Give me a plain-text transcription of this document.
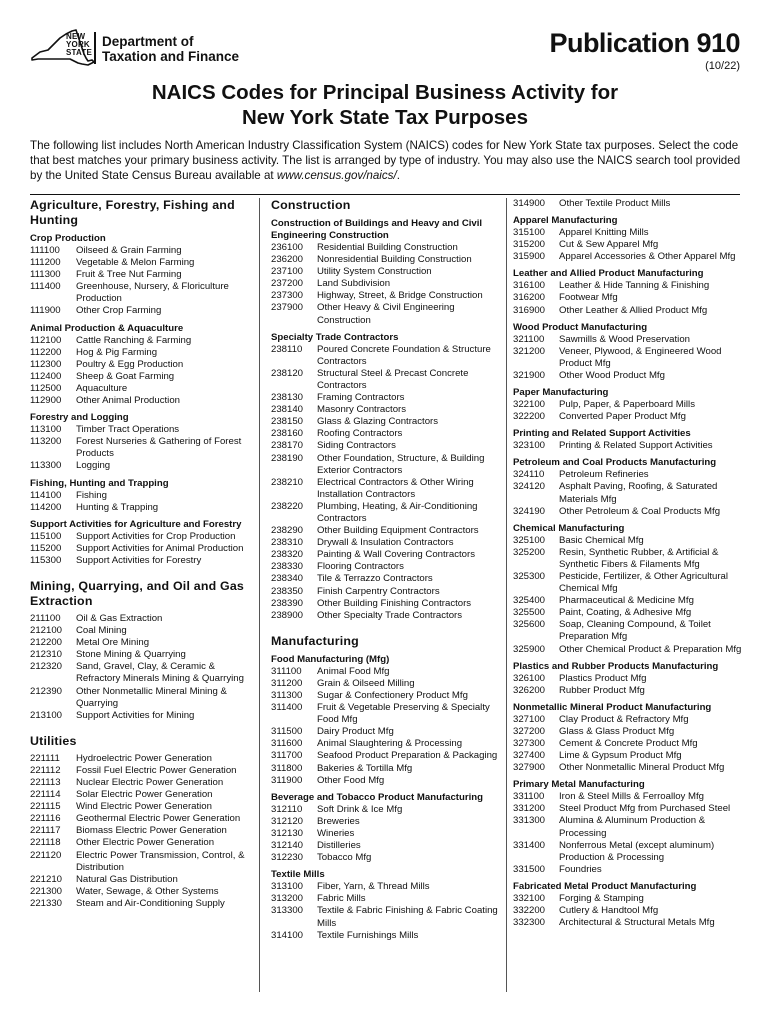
NEW
YORK
STATE
Department of
Taxation and Finance	Publication 910
(10/22)
NAICS Codes for Principal Business Activity for
New York State Tax Purposes
The following list includes North American Industry Classification System (NAICS) codes for New York State tax purposes. Select the code that best matches your primary business activity. The list is arranged by type of industry. You may also use the NAICS search tool provided by the United State Census Bureau available at www.census.gov/naics/.
Agriculture, Forestry, Fishing and Hunting
Crop Production
111100	Oilseed & Grain Farming
111200	Vegetable & Melon Farming
111300	Fruit & Tree Nut Farming
111400	Greenhouse, Nursery, & Floriculture Production
111900	Other Crop Farming
Animal Production & Aquaculture
112100	Cattle Ranching & Farming
112200	Hog & Pig Farming
112300	Poultry & Egg Production
112400	Sheep & Goat Farming
112500	Aquaculture
112900	Other Animal Production
Forestry and Logging
113100	Timber Tract Operations
113200	Forest Nurseries & Gathering of Forest Products
113300	Logging
Fishing, Hunting and Trapping
114100	Fishing
114200	Hunting & Trapping
Support Activities for Agriculture and Forestry
115100	Support Activities for Crop Production
115200	Support Activities for Animal Production
115300	Support Activities for Forestry
Mining, Quarrying, and Oil and Gas Extraction
211100	Oil & Gas Extraction
212100	Coal Mining
212200	Metal Ore Mining
212310	Stone Mining & Quarrying
212320	Sand, Gravel, Clay, & Ceramic & Refractory Minerals Mining & Quarrying
212390	Other Nonmetallic Mineral Mining & Quarrying
213100	Support Activities for Mining
Utilities
221111	Hydroelectric Power Generation
221112	Fossil Fuel Electric Power Generation
221113	Nuclear Electric Power Generation
221114	Solar Electric Power Generation
221115	Wind Electric Power Generation
221116	Geothermal Electric Power Generation
221117	Biomass Electric Power Generation
221118	Other Electric Power Generation
221120	Electric Power Transmission, Control, & Distribution
221210	Natural Gas Distribution
221300	Water, Sewage, & Other Systems
221330	Steam and Air-Conditioning Supply
Construction
Construction of Buildings and Heavy and Civil Engineering Construction
236100	Residential Building Construction
236200	Nonresidential Building Construction
237100	Utility System Construction
237200	Land Subdivision
237300	Highway, Street, & Bridge Construction
237900	Other Heavy & Civil Engineering Construction
Specialty Trade Contractors
238110	Poured Concrete Foundation & Structure Contractors
238120	Structural Steel & Precast Concrete Contractors
238130	Framing Contractors
238140	Masonry Contractors
238150	Glass & Glazing Contractors
238160	Roofing Contractors
238170	Siding Contractors
238190	Other Foundation, Structure, & Building Exterior Contractors
238210	Electrical Contractors & Other Wiring Installation Contractors
238220	Plumbing, Heating, & Air-Conditioning Contractors
238290	Other Building Equipment Contractors
238310	Drywall & Insulation Contractors
238320	Painting & Wall Covering Contractors
238330	Flooring Contractors
238340	Tile & Terrazzo Contractors
238350	Finish Carpentry Contractors
238390	Other Building Finishing Contractors
238900	Other Specialty Trade Contractors
Manufacturing
Food Manufacturing (Mfg)
311100	Animal Food Mfg
311200	Grain & Oilseed Milling
311300	Sugar & Confectionery Product Mfg
311400	Fruit & Vegetable Preserving & Specialty Food Mfg
311500	Dairy Product Mfg
311600	Animal Slaughtering & Processing
311700	Seafood Product Preparation & Packaging
311800	Bakeries & Tortilla Mfg
311900	Other Food Mfg
Beverage and Tobacco Product Manufacturing
312110	Soft Drink & Ice Mfg
312120	Breweries
312130	Wineries
312140	Distilleries
312230	Tobacco Mfg
Textile Mills
313100	Fiber, Yarn, & Thread Mills
313200	Fabric Mills
313300	Textile & Fabric Finishing & Fabric Coating Mills
314100	Textile Furnishings Mills
314900	Other Textile Product Mills
Apparel Manufacturing
315100	Apparel Knitting Mills
315200	Cut & Sew Apparel Mfg
315900	Apparel Accessories & Other Apparel Mfg
Leather and Allied Product Manufacturing
316100	Leather & Hide Tanning & Finishing
316200	Footwear Mfg
316900	Other Leather & Allied Product Mfg
Wood Product Manufacturing
321100	Sawmills & Wood Preservation
321200	Veneer, Plywood, & Engineered Wood Product Mfg
321900	Other Wood Product Mfg
Paper Manufacturing
322100	Pulp, Paper, & Paperboard Mills
322200	Converted Paper Product Mfg
Printing and Related Support Activities
323100	Printing & Related Support Activities
Petroleum and Coal Products Manufacturing
324110	Petroleum Refineries
324120	Asphalt Paving, Roofing, & Saturated Materials Mfg
324190	Other Petroleum & Coal Products Mfg
Chemical Manufacturing
325100	Basic Chemical Mfg
325200	Resin, Synthetic Rubber, & Artificial & Synthetic Fibers & Filaments Mfg
325300	Pesticide, Fertilizer, & Other Agricultural Chemical Mfg
325400	Pharmaceutical & Medicine Mfg
325500	Paint, Coating, & Adhesive Mfg
325600	Soap, Cleaning Compound, & Toilet Preparation Mfg
325900	Other Chemical Product & Preparation Mfg
Plastics and Rubber Products Manufacturing
326100	Plastics Product Mfg
326200	Rubber Product Mfg
Nonmetallic Mineral Product Manufacturing
327100	Clay Product & Refractory Mfg
327200	Glass & Glass Product Mfg
327300	Cement & Concrete Product Mfg
327400	Lime & Gypsum Product Mfg
327900	Other Nonmetallic Mineral Product Mfg
Primary Metal Manufacturing
331100	Iron & Steel Mills & Ferroalloy Mfg
331200	Steel Product Mfg from Purchased Steel
331300	Alumina & Aluminum Production & Processing
331400	Nonferrous Metal (except aluminum) Production & Processing
331500	Foundries
Fabricated Metal Product Manufacturing
332100	Forging & Stamping
332200	Cutlery & Handtool Mfg
332300	Architectural & Structural Metals Mfg
